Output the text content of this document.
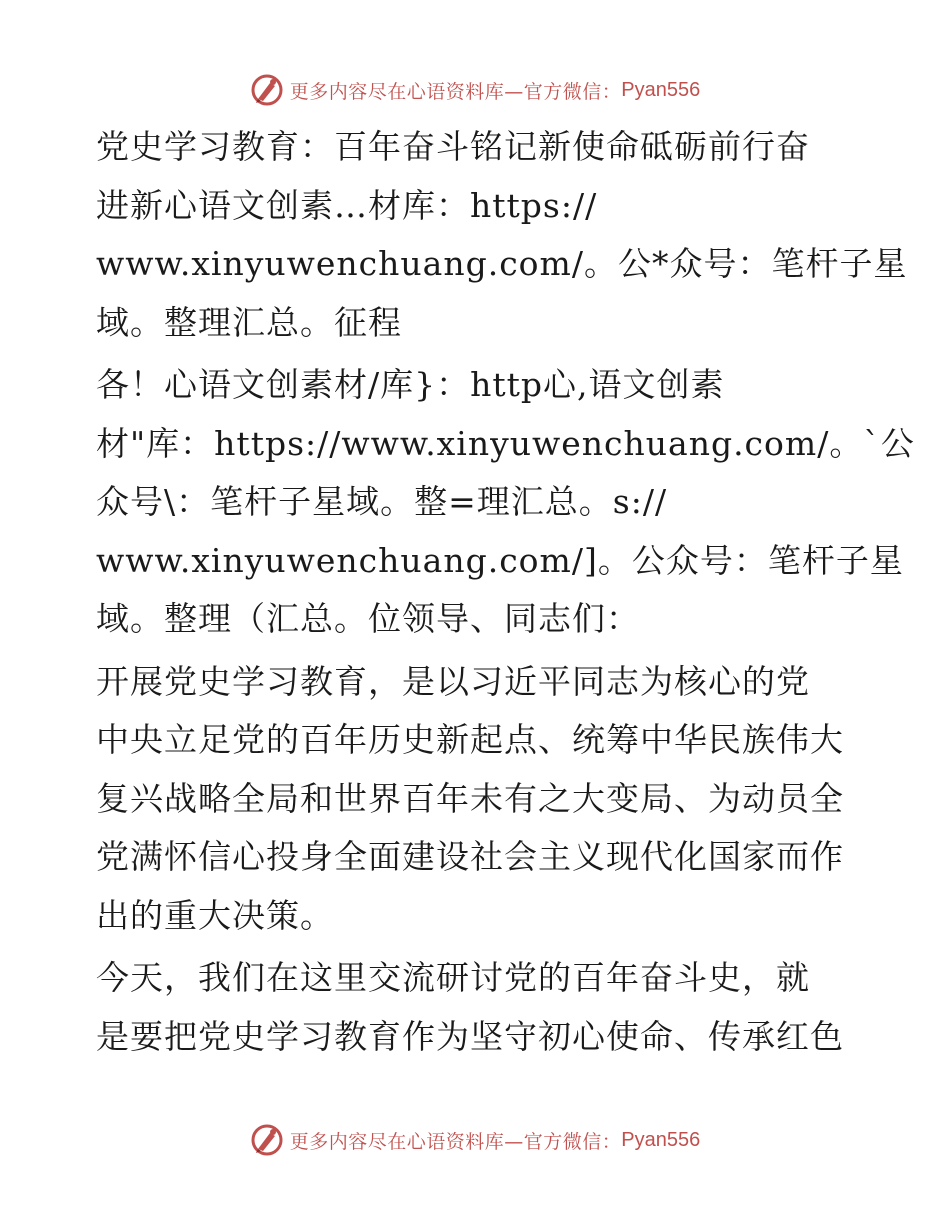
更多内容尽在心语资料库—官方微信： Pyan556
党史学习教育：百年奋斗铭记新使命砥砺前行奋
进新心语文创素…材库：https://
www.xinyuwenchuang.com/。公*众号：笔杆子星
域。整理汇总。征程
各！心语文创素材/库}：http心,语文创素
材"库：https://www.xinyuwenchuang.com/。`公
众号\：笔杆子星域。整=理汇总。s://
www.xinyuwenchuang.com/]。公众号：笔杆子星
域。整理（汇总。位领导、同志们：
开展党史学习教育，是以习近平同志为核心的党
中央立足党的百年历史新起点、统筹中华民族伟大
复兴战略全局和世界百年未有之大变局、为动员全
党满怀信心投身全面建设社会主义现代化国家而作
出的重大决策。
今天，我们在这里交流研讨党的百年奋斗史，就
是要把党史学习教育作为坚守初心使命、传承红色
更多内容尽在心语资料库—官方微信： Pyan556
